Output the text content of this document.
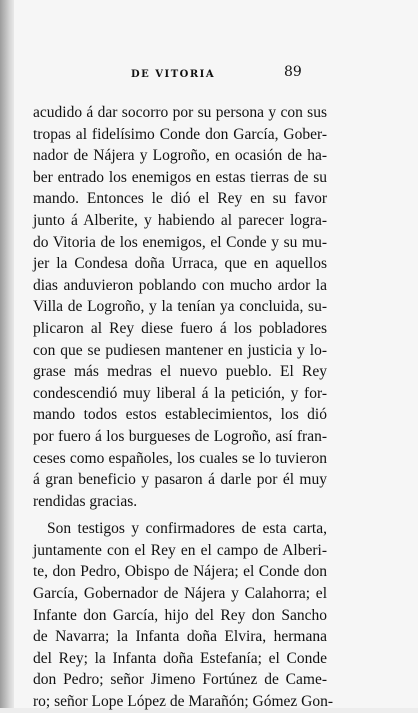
DE VITORIA	89
acudido á dar socorro por su persona y con sus
tropas al fidelísimo Conde don García, Gober-
nador de Nájera y Logroño, en ocasión de ha-
ber entrado los enemigos en estas tierras de su
mando. Entonces le dió el Rey en su favor
junto á Alberite, y habiendo al parecer logra-
do Vitoria de los enemigos, el Conde y su mu-
jer la Condesa doña Urraca, que en aquellos
dias anduvieron poblando con mucho ardor la
Villa de Logroño, y la tenían ya concluida, su-
plicaron al Rey diese fuero á los pobladores
con que se pudiesen mantener en justicia y lo-
grase más medras el nuevo pueblo. El Rey
condescendió muy liberal á la petición, y for-
mando todos estos establecimientos, los dió
por fuero á los burgueses de Logroño, así fran-
ceses como españoles, los cuales se lo tuvieron
á gran beneficio y pasaron á darle por él muy
rendidas gracias.
Son testigos y confirmadores de esta carta,
juntamente con el Rey en el campo de Alberi-
te, don Pedro, Obispo de Nájera; el Conde don
García, Gobernador de Nájera y Calahorra; el
Infante don García, hijo del Rey don Sancho
de Navarra; la Infanta doña Elvira, hermana
del Rey; la Infanta doña Estefanía; el Conde
don Pedro; señor Jimeno Fortúnez de Came-
ro; señor Lope López de Marañón; Gómez Gon-
